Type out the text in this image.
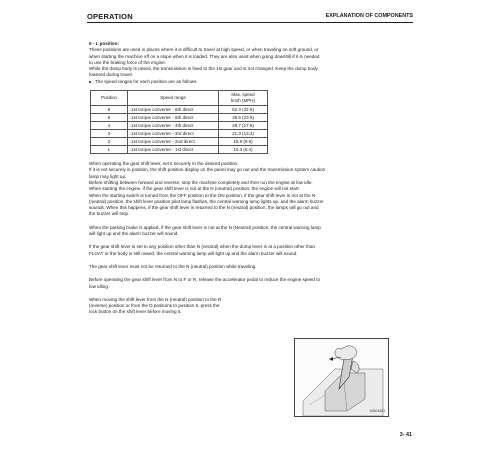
OPERATION	EXPLANATION OF COMPONENTS

6 - L position:

These positions are used in places where it is difficult to travel at high speed, or when traveling on soft ground, or
when starting the machine off on a slope when it is loaded. They are also used when going downhill if it is needed
to use the braking force of the engine.
While the dump body is raised, the transmission is fixed to the 1st gear and is not changed. Keep the dump body
lowered during travel.

The speed ranges for each position are as follows.

Position	Speed range	Max. speed
km/h (MPH)
6	1st torque converter - 6th direct	52.4 (32.6)
5	1st torque converter - 5th direct	38.5 (23.9)
4	1st torque converter - 4th direct	28.7 (17.8)
3	1st torque converter - 3rd direct	21.3 (13.2)
2	1st torque converter - 2nd direct	15.8 (9.8)
L	1st torque converter - 1st direct	10.3 (6.4)

When operating the gear shift lever, set it securely to the desired position.
If it is not securely in position, the shift position display on the panel may go out and the transmission system caution
lamp may light up.
Before shifting between forward and reverse, stop the machine completely and then run the engine at low idle.
When starting the engine, if the gear shift lever is not at the N (neutral) position, the engine will not start.
When the starting switch is turned from the OFF position to the ON position, if the gear shift lever is not at the N
(neutral) position, the shift lever position pilot lamp flashes, the central warning lamp lights up, and the alarm buzzer
sounds. When this happens, if the gear shift lever is returned to the N (neutral) position, the lamps will go out and
the buzzer will stop.

When the parking brake is applied, if the gear shift lever is not at the N (Neutral) position, the central warning lamp
will light up and the alarm buzzer will sound.

If the gear shift lever is set to any position other than N (neutral) when the dump lever is at a position other than
FLOAT or the body is still raised, the central warning lamp will light up and the alarm buzzer will sound.

The gear shift lever must not be returned to the N (neutral) position while traveling.

Before operating the gear shift lever from N to F or R, release the accelerator pedal to reduce the engine speed to
low idling.

When moving the shift lever from the N (neutral) position to the R
(reverse) position or from the D positions to position 6, press the
lock button on the shift lever before moving it.

9JB04483
3- 41
